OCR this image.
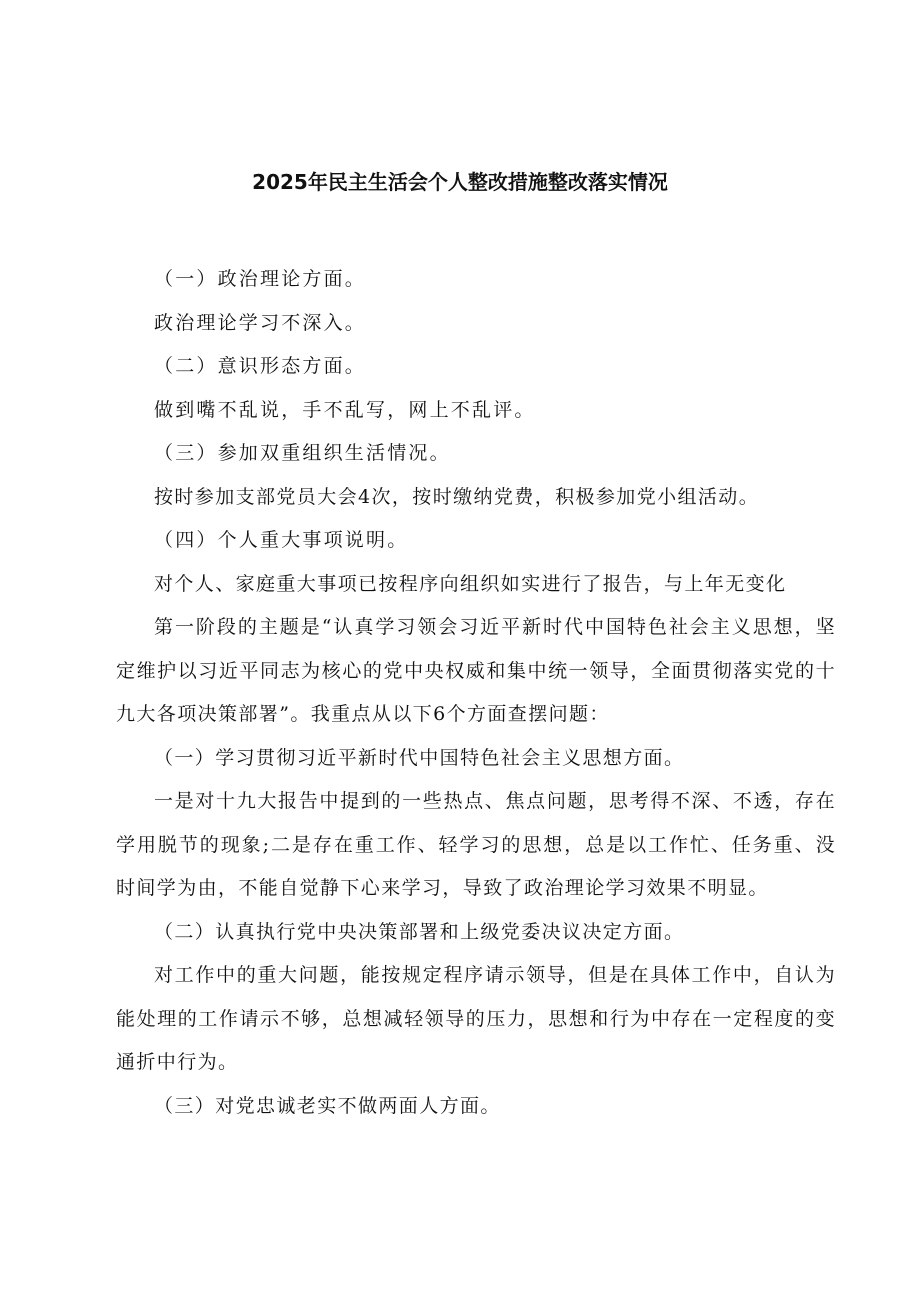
2025年民主生活会个人整改措施整改落实情况

（一）政治理论方面。

政治理论学习不深入。

（二）意识形态方面。

做到嘴不乱说，手不乱写，网上不乱评。

（三）参加双重组织生活情况。

按时参加支部党员大会4次，按时缴纳党费，积极参加党小组活动。

（四）个人重大事项说明。

对个人、家庭重大事项已按程序向组织如实进行了报告，与上年无变化

第一阶段的主题是“认真学习领会习近平新时代中国特色社会主义思想，坚定维护以习近平同志为核心的党中央权威和集中统一领导，全面贯彻落实党的十九大各项决策部署”。我重点从以下6个方面查摆问题：

（一）学习贯彻习近平新时代中国特色社会主义思想方面。

一是对十九大报告中提到的一些热点、焦点问题，思考得不深、不透，存在学用脱节的现象;二是存在重工作、轻学习的思想，总是以工作忙、任务重、没时间学为由，不能自觉静下心来学习，导致了政治理论学习效果不明显。

（二）认真执行党中央决策部署和上级党委决议决定方面。

对工作中的重大问题，能按规定程序请示领导，但是在具体工作中，自认为能处理的工作请示不够，总想减轻领导的压力，思想和行为中存在一定程度的变通折中行为。

（三）对党忠诚老实不做两面人方面。
